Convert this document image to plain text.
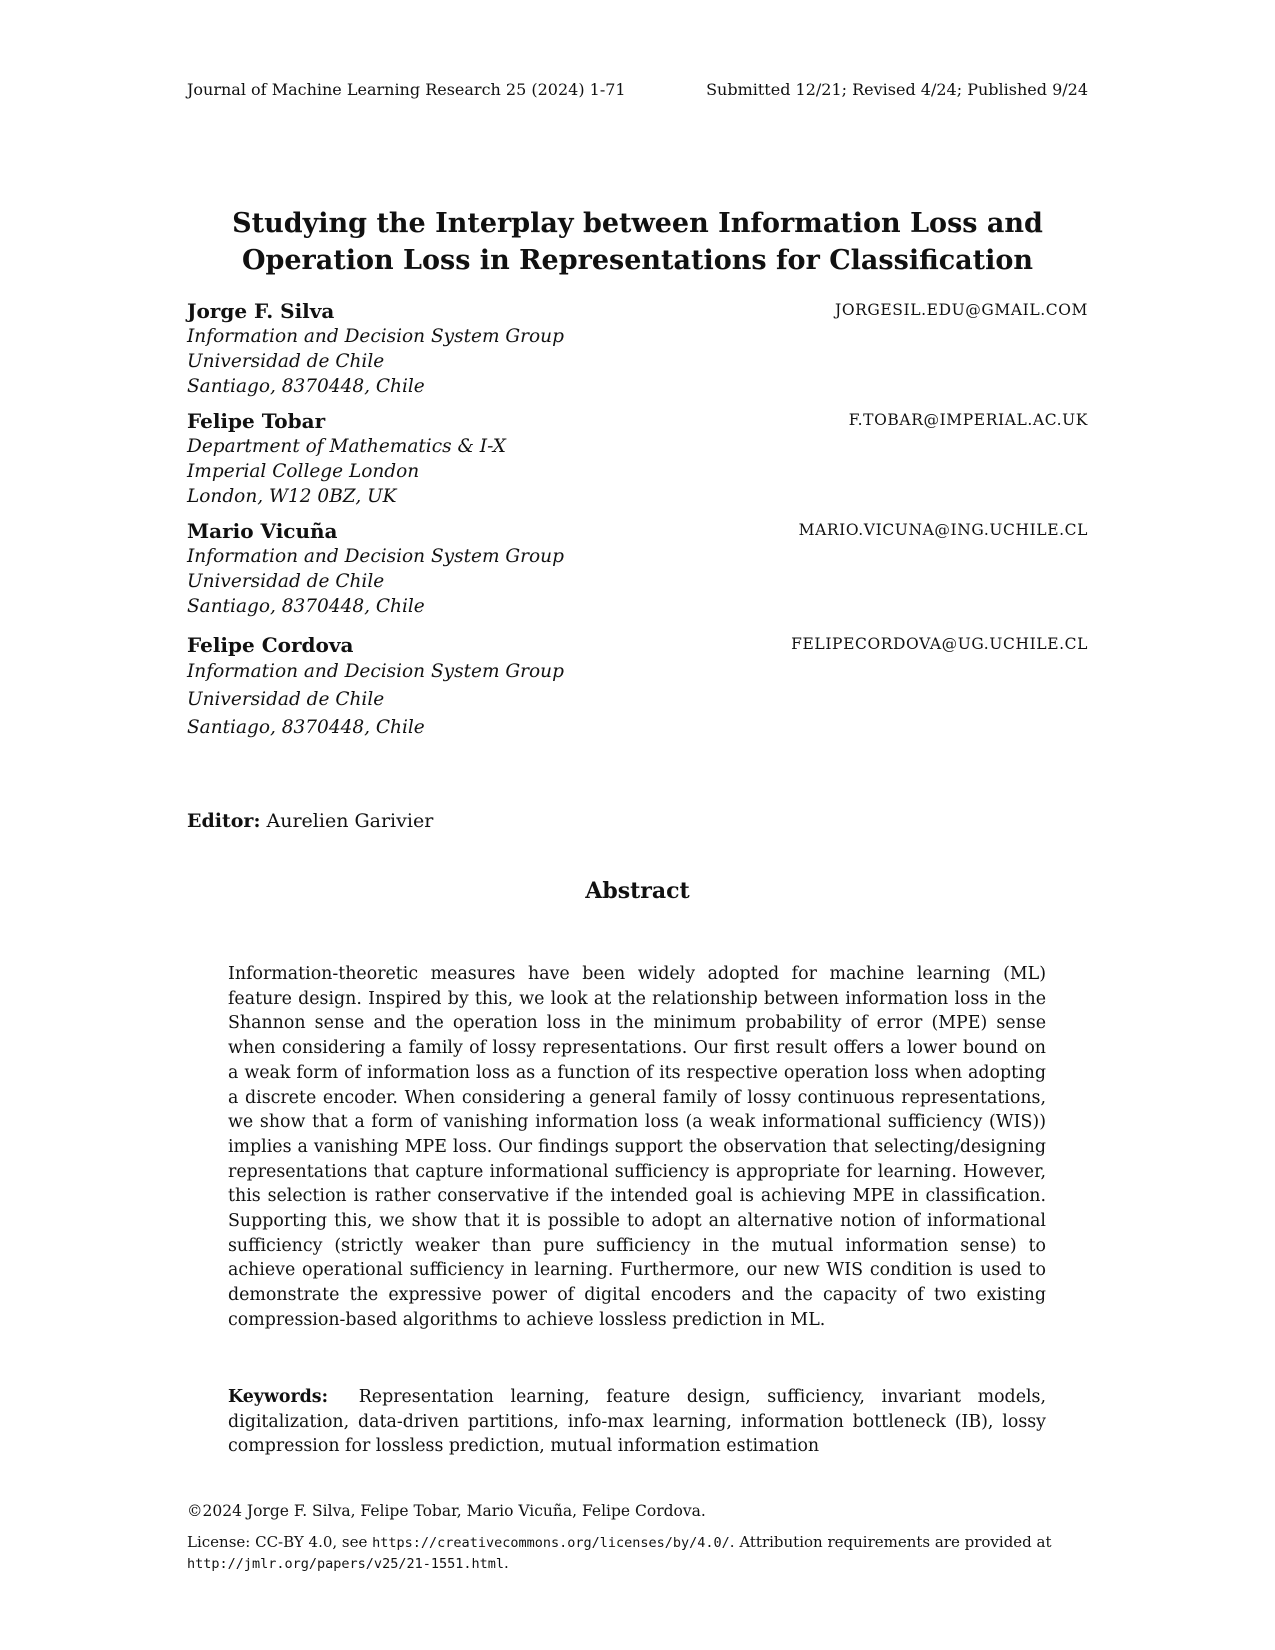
Journal of Machine Learning Research 25 (2024) 1-71	Submitted 12/21; Revised 4/24; Published 9/24
Studying the Interplay between Information Loss and
Operation Loss in Representations for Classification
Jorge F. Silva	JORGESIL.EDU@GMAIL.COM
Information and Decision System Group
Universidad de Chile
Santiago, 8370448, Chile
Felipe Tobar	F.TOBAR@IMPERIAL.AC.UK
Department of Mathematics & I-X
Imperial College London
London, W12 0BZ, UK
Mario Vicuña	MARIO.VICUNA@ING.UCHILE.CL
Information and Decision System Group
Universidad de Chile
Santiago, 8370448, Chile
Felipe Cordova	FELIPECORDOVA@UG.UCHILE.CL
Information and Decision System Group
Universidad de Chile
Santiago, 8370448, Chile
Editor: Aurelien Garivier
Abstract
Information-theoretic measures have been widely adopted for machine learning (ML) feature design. Inspired by this, we look at the relationship between information loss in the Shannon sense and the operation loss in the minimum probability of error (MPE) sense when considering a family of lossy representations. Our first result offers a lower bound on a weak form of information loss as a function of its respective operation loss when adopting a discrete encoder. When considering a general family of lossy continuous representations, we show that a form of vanishing information loss (a weak informational sufficiency (WIS)) implies a vanishing MPE loss. Our findings support the observation that selecting/designing representations that capture informational sufficiency is appropriate for learning. However, this selection is rather conservative if the intended goal is achieving MPE in classification. Supporting this, we show that it is possible to adopt an alternative notion of informational sufficiency (strictly weaker than pure sufficiency in the mutual information sense) to achieve operational sufficiency in learning. Furthermore, our new WIS condition is used to demonstrate the expressive power of digital encoders and the capacity of two existing compression-based algorithms to achieve lossless prediction in ML.
Keywords: Representation learning, feature design, sufficiency, invariant models, digitalization, data-driven partitions, info-max learning, information bottleneck (IB), lossy compression for lossless prediction, mutual information estimation
©2024 Jorge F. Silva, Felipe Tobar, Mario Vicuña, Felipe Cordova.
License: CC-BY 4.0, see https://creativecommons.org/licenses/by/4.0/. Attribution requirements are provided at http://jmlr.org/papers/v25/21-1551.html.
